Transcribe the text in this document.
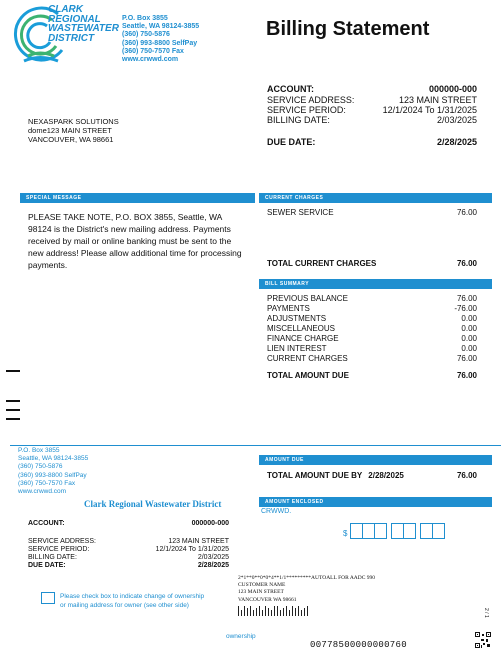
CLARK
REGIONAL
WASTEWATER
DISTRICT
P.O. Box 3855
Seattle, WA 98124-3855
(360) 750-5876
(360) 993-8800 SelfPay
(360) 750-7570 Fax
www.crwwd.com
Billing Statement
ACCOUNT:	000000-000
SERVICE ADDRESS:	123 MAIN STREET
SERVICE PERIOD:	12/1/2024 To 1/31/2025
BILLING DATE:	2/03/2025
DUE DATE:	2/28/2025
NEXASPARK SOLUTIONS
dome123 MAIN STREET
VANCOUVER, WA 98661
SPECIAL MESSAGE
PLEASE TAKE NOTE, P.O. BOX 3855, Seattle, WA 98124 is the District's new mailing address. Payments received by mail or online banking must be sent to the new address! Please allow additional time for processing payments.
CURRENT CHARGES
SEWER SERVICE	76.00
TOTAL CURRENT CHARGES	76.00
BILL SUMMARY
PREVIOUS BALANCE	76.00
PAYMENTS	-76.00
ADJUSTMENTS	0.00
MISCELLANEOUS	0.00
FINANCE CHARGE	0.00
LIEN INTEREST	0.00
CURRENT CHARGES	76.00
TOTAL AMOUNT DUE	76.00
P.O. Box 3855
Seattle, WA 98124-3855
(360) 750-5876
(360) 993-8800 SelfPay
(360) 750-7570 Fax
www.crwwd.com
Clark Regional Wastewater District
ACCOUNT:	000000-000
SERVICE ADDRESS:	123 MAIN STREET
SERVICE PERIOD:	12/1/2024 To 1/31/2025
BILLING DATE:	2/03/2025
DUE DATE:	2/28/2025
Please check box to indicate change of ownership
or mailing address for owner (see other side)
AMOUNT DUE
TOTAL AMOUNT DUE BY 2/28/2025	76.00
AMOUNT ENCLOSED
CRWWD.
$
2*1**0**0*0*4**1/1*********AUTOALL FOR AADC 990
CUSTOMER NAME
123 MAIN STREET
VANCOUVER WA 98661
ownership
00778500000000760
2 / 1
